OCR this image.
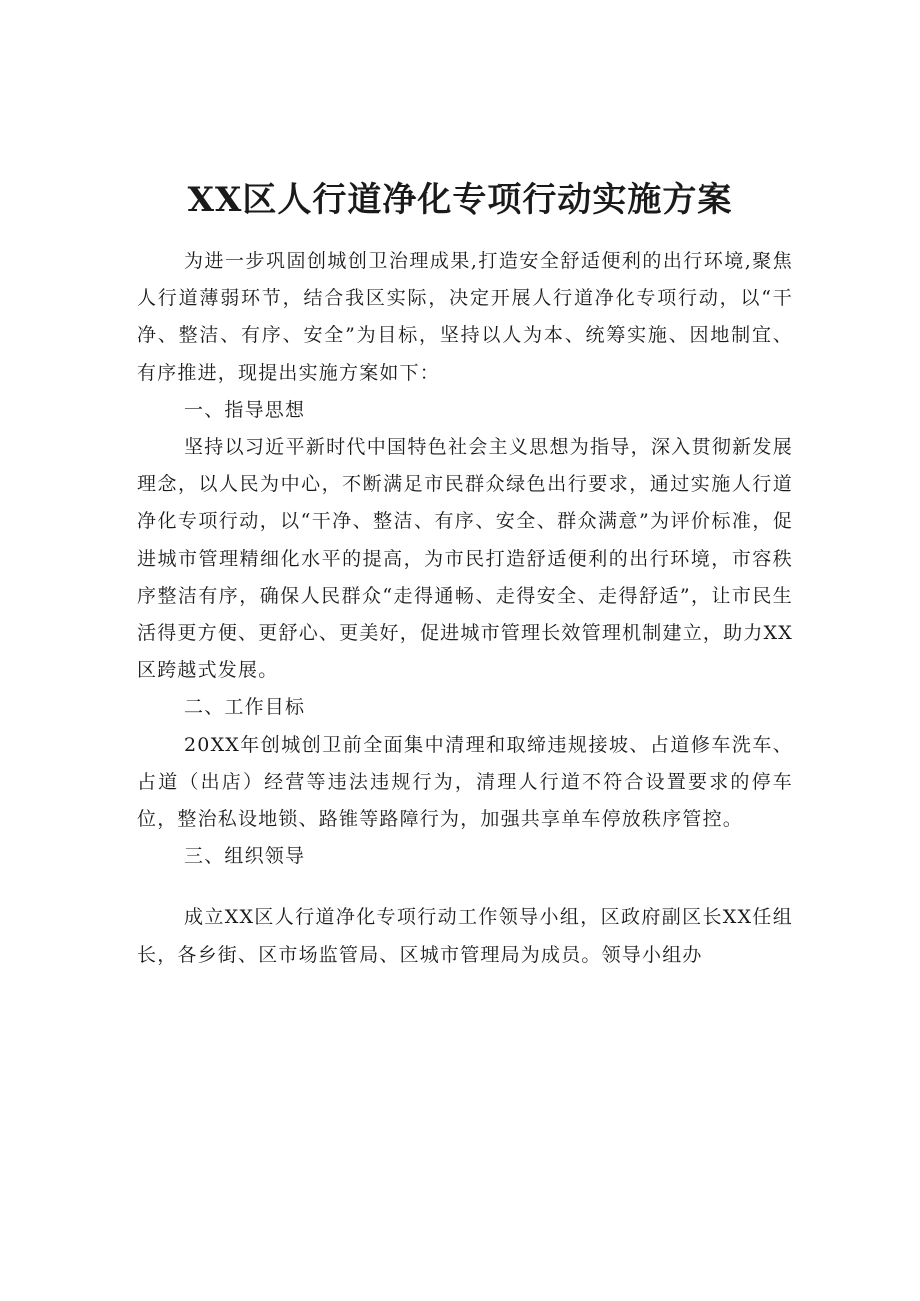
XX区人行道净化专项行动实施方案

为进一步巩固创城创卫治理成果,打造安全舒适便利的出行环境,聚焦人行道薄弱环节，结合我区实际，决定开展人行道净化专项行动，以“干净、整洁、有序、安全”为目标，坚持以人为本、统筹实施、因地制宜、有序推进，现提出实施方案如下：

一、指导思想

坚持以习近平新时代中国特色社会主义思想为指导，深入贯彻新发展理念，以人民为中心，不断满足市民群众绿色出行要求，通过实施人行道净化专项行动，以“干净、整洁、有序、安全、群众满意”为评价标准，促进城市管理精细化水平的提高，为市民打造舒适便利的出行环境，市容秩序整洁有序，确保人民群众“走得通畅、走得安全、走得舒适”，让市民生活得更方便、更舒心、更美好，促进城市管理长效管理机制建立，助力XX区跨越式发展。

二、工作目标

20XX年创城创卫前全面集中清理和取缔违规接坡、占道修车洗车、占道（出店）经营等违法违规行为，清理人行道不符合设置要求的停车位，整治私设地锁、路锥等路障行为，加强共享单车停放秩序管控。

三、组织领导

成立XX区人行道净化专项行动工作领导小组，区政府副区长XX任组长，各乡街、区市场监管局、区城市管理局为成员。领导小组办
